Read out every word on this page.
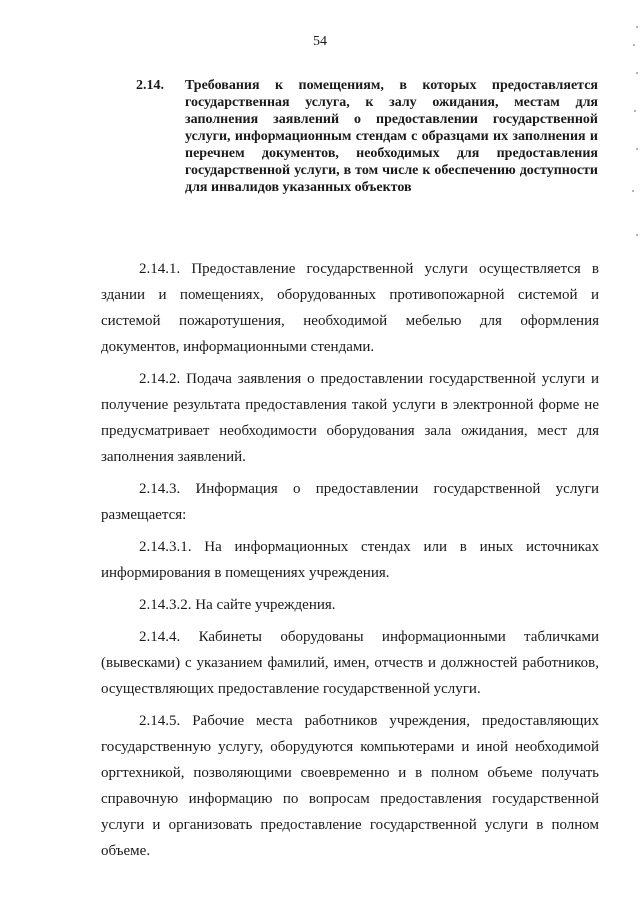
54
2.14. Требования к помещениям, в которых предоставляется государственная услуга, к залу ожидания, местам для заполнения заявлений о предоставлении государственной услуги, информационным стендам с образцами их заполнения и перечнем документов, необходимых для предоставления государственной услуги, в том числе к обеспечению доступности для инвалидов указанных объектов

2.14.1. Предоставление государственной услуги осуществляется в здании и помещениях, оборудованных противопожарной системой и системой пожаротушения, необходимой мебелью для оформления документов, информационными стендами.

2.14.2. Подача заявления о предоставлении государственной услуги и получение результата предоставления такой услуги в электронной форме не предусматривает необходимости оборудования зала ожидания, мест для заполнения заявлений.

2.14.3. Информация о предоставлении государственной услуги размещается:

2.14.3.1. На информационных стендах или в иных источниках информирования в помещениях учреждения.

2.14.3.2. На сайте учреждения.

2.14.4. Кабинеты оборудованы информационными табличками (вывесками) с указанием фамилий, имен, отчеств и должностей работников, осуществляющих предоставление государственной услуги.

2.14.5. Рабочие места работников учреждения, предоставляющих государственную услугу, оборудуются компьютерами и иной необходимой оргтехникой, позволяющими своевременно и в полном объеме получать справочную информацию по вопросам предоставления государственной услуги и организовать предоставление государственной услуги в полном объеме.
